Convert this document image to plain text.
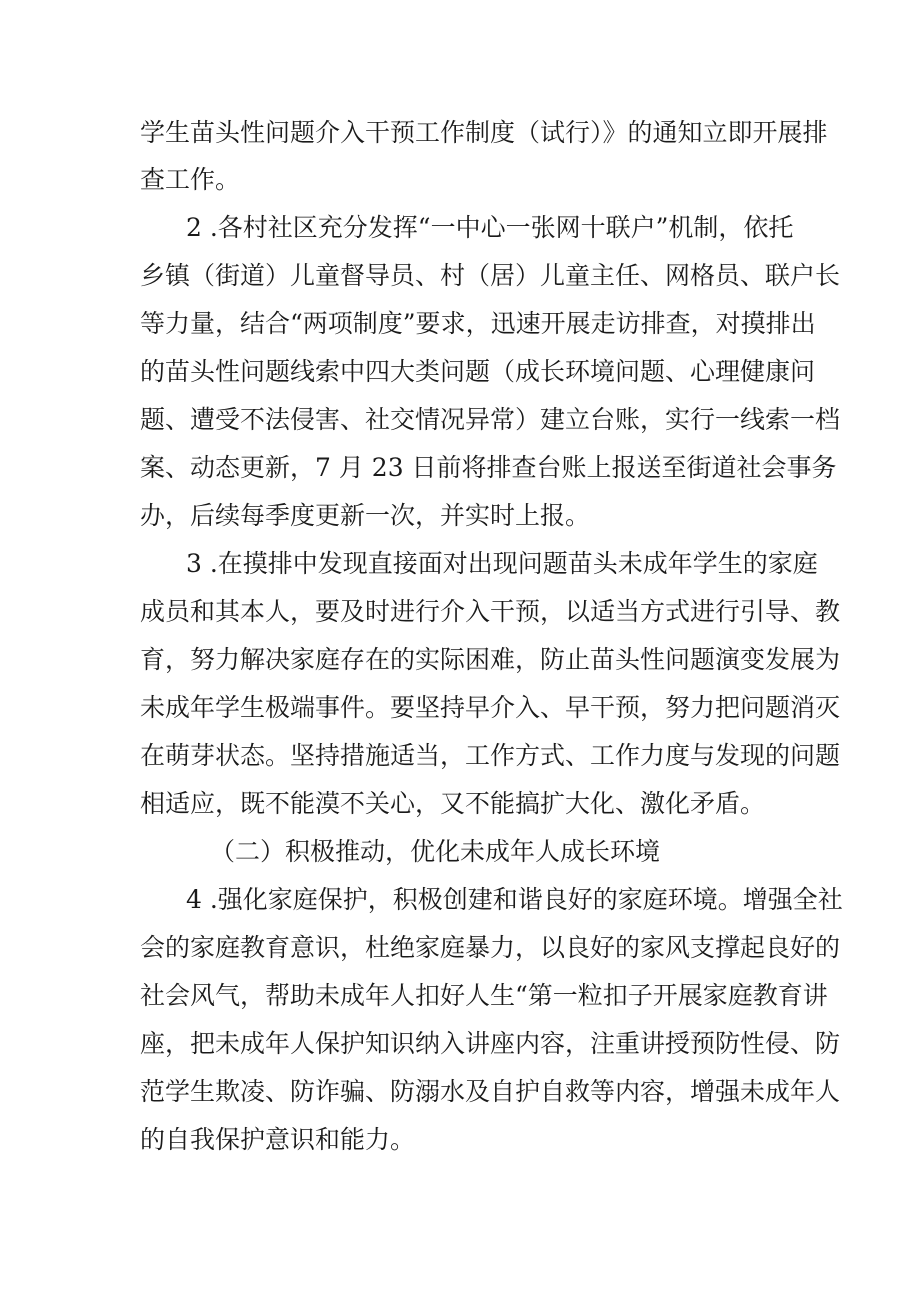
学生苗头性问题介入干预工作制度（试行）》的通知立即开展排
查工作。
2 .各村社区充分发挥“一中心一张网十联户”机制，依托
乡镇（街道）儿童督导员、村（居）儿童主任、网格员、联户长
等力量，结合“两项制度”要求，迅速开展走访排查，对摸排出
的苗头性问题线索中四大类问题（成长环境问题、心理健康问
题、遭受不法侵害、社交情况异常）建立台账，实行一线索一档
案、动态更新，7 月 23 日前将排查台账上报送至街道社会事务
办，后续每季度更新一次，并实时上报。
3 .在摸排中发现直接面对出现问题苗头未成年学生的家庭
成员和其本人，要及时进行介入干预，以适当方式进行引导、教
育，努力解决家庭存在的实际困难，防止苗头性问题演变发展为
未成年学生极端事件。要坚持早介入、早干预，努力把问题消灭
在萌芽状态。坚持措施适当，工作方式、工作力度与发现的问题
相适应，既不能漠不关心，又不能搞扩大化、激化矛盾。
（二）积极推动，优化未成年人成长环境
4 .强化家庭保护，积极创建和谐良好的家庭环境。增强全社
会的家庭教育意识，杜绝家庭暴力，以良好的家风支撑起良好的
社会风气，帮助未成年人扣好人生“第一粒扣子开展家庭教育讲
座，把未成年人保护知识纳入讲座内容，注重讲授预防性侵、防
范学生欺凌、防诈骗、防溺水及自护自救等内容，增强未成年人
的自我保护意识和能力。
